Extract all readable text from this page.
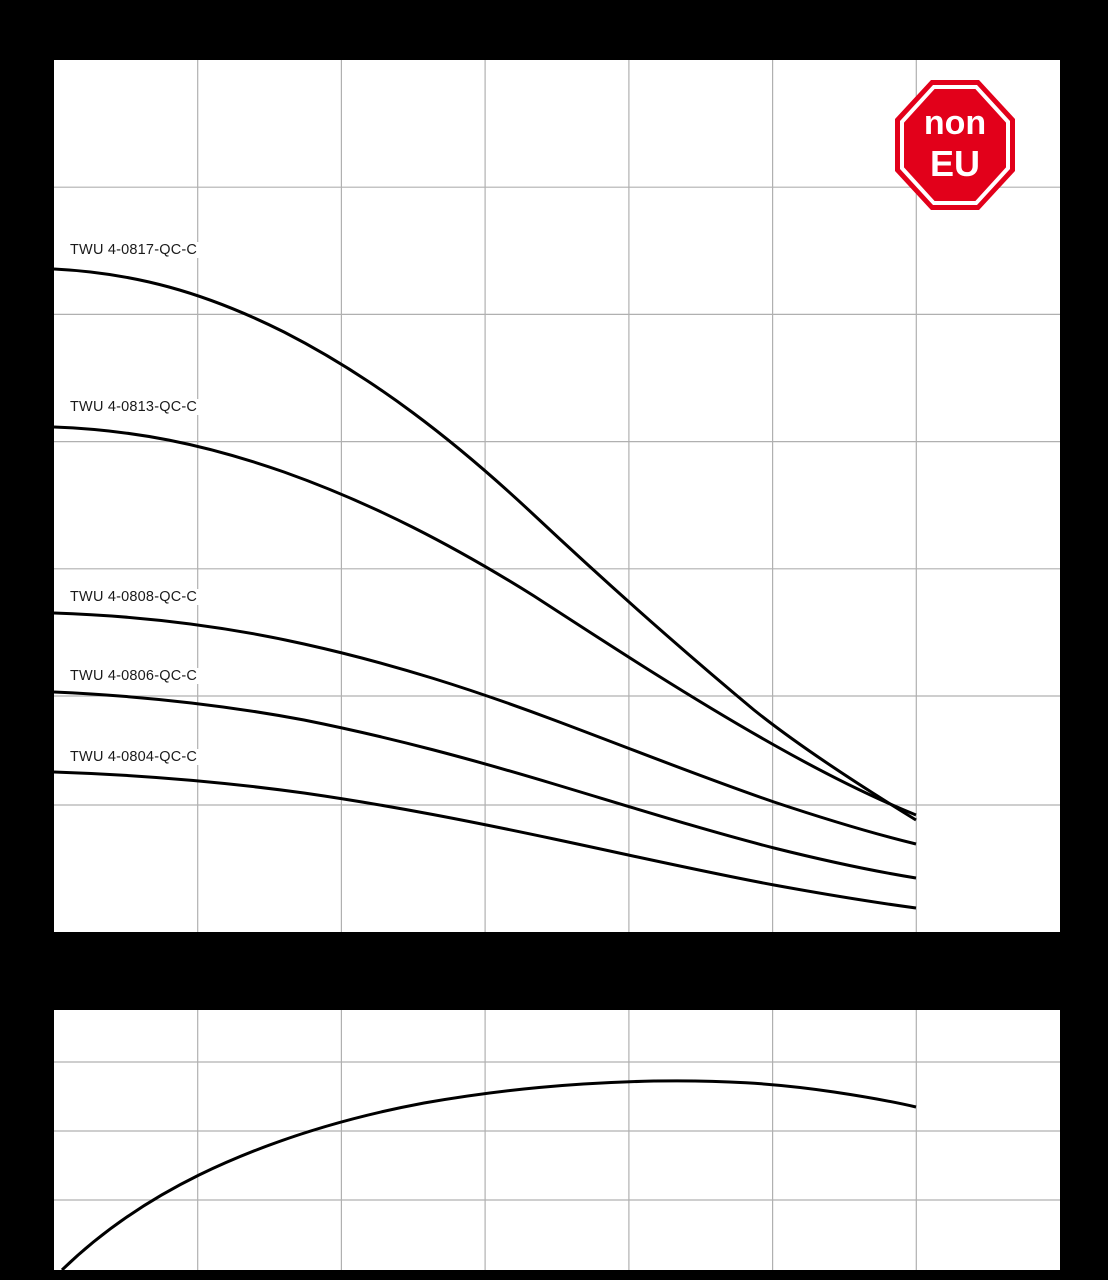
TWU 4-0817-QC-C
TWU 4-0813-QC-C
TWU 4-0808-QC-C
TWU 4-0806-QC-C
TWU 4-0804-QC-C
non
EU
